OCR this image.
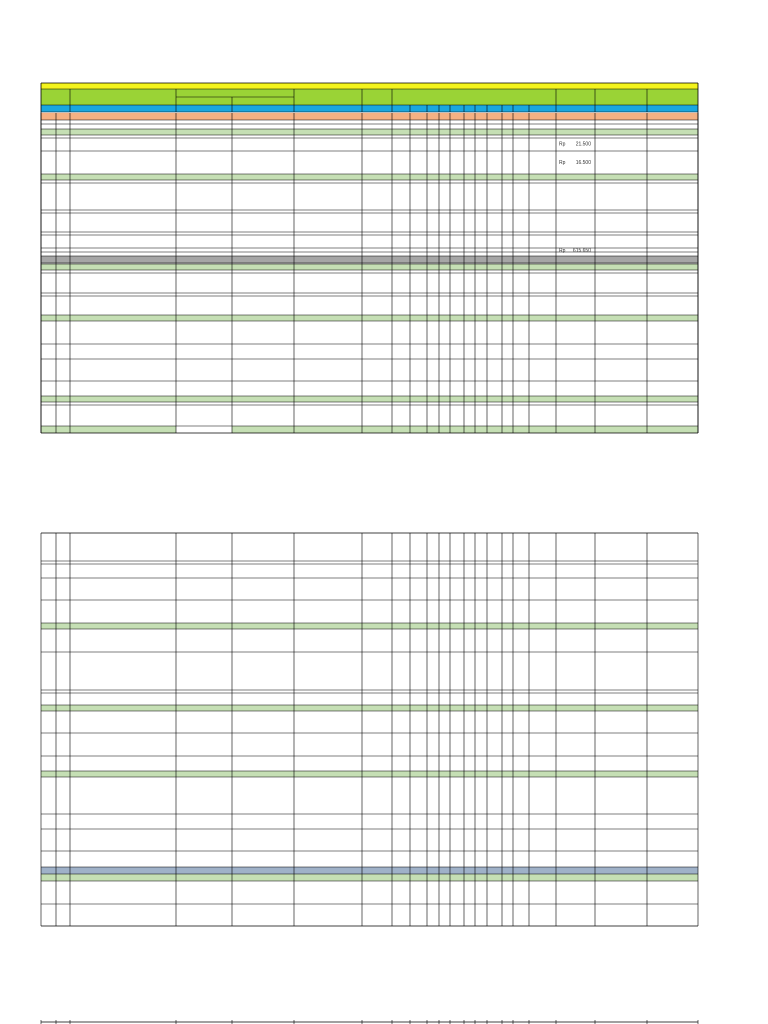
Rp 21.500
Rp 16.500
Rp 615.650
